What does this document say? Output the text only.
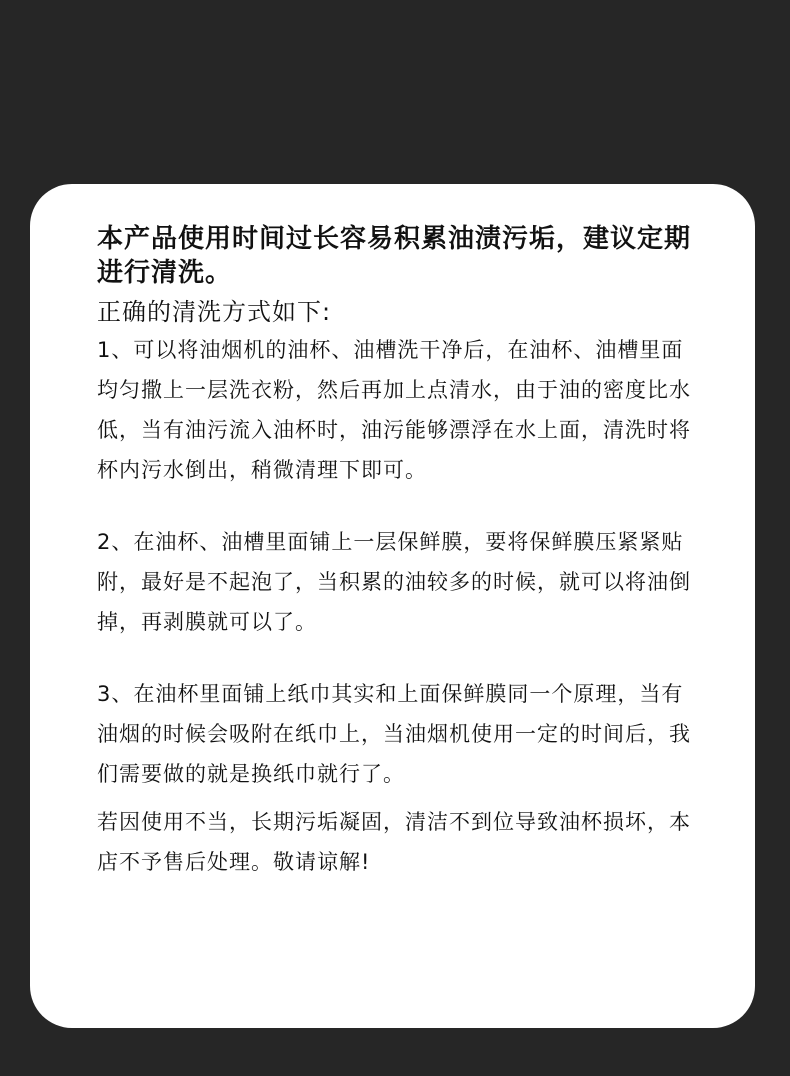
本产品使用时间过长容易积累油渍污垢，建议定期进行清洗。

正确的清洗方式如下:

1、可以将油烟机的油杯、油槽洗干净后，在油杯、油槽里面均匀撒上一层洗衣粉，然后再加上点清水，由于油的密度比水低，当有油污流入油杯时，油污能够漂浮在水上面，清洗时将杯内污水倒出，稍微清理下即可。

2、在油杯、油槽里面铺上一层保鲜膜，要将保鲜膜压紧紧贴附，最好是不起泡了，当积累的油较多的时候，就可以将油倒掉，再剥膜就可以了。

3、在油杯里面铺上纸巾其实和上面保鲜膜同一个原理，当有油烟的时候会吸附在纸巾上，当油烟机使用一定的时间后，我们需要做的就是换纸巾就行了。

若因使用不当，长期污垢凝固，清洁不到位导致油杯损坏，本店不予售后处理。敬请谅解!
